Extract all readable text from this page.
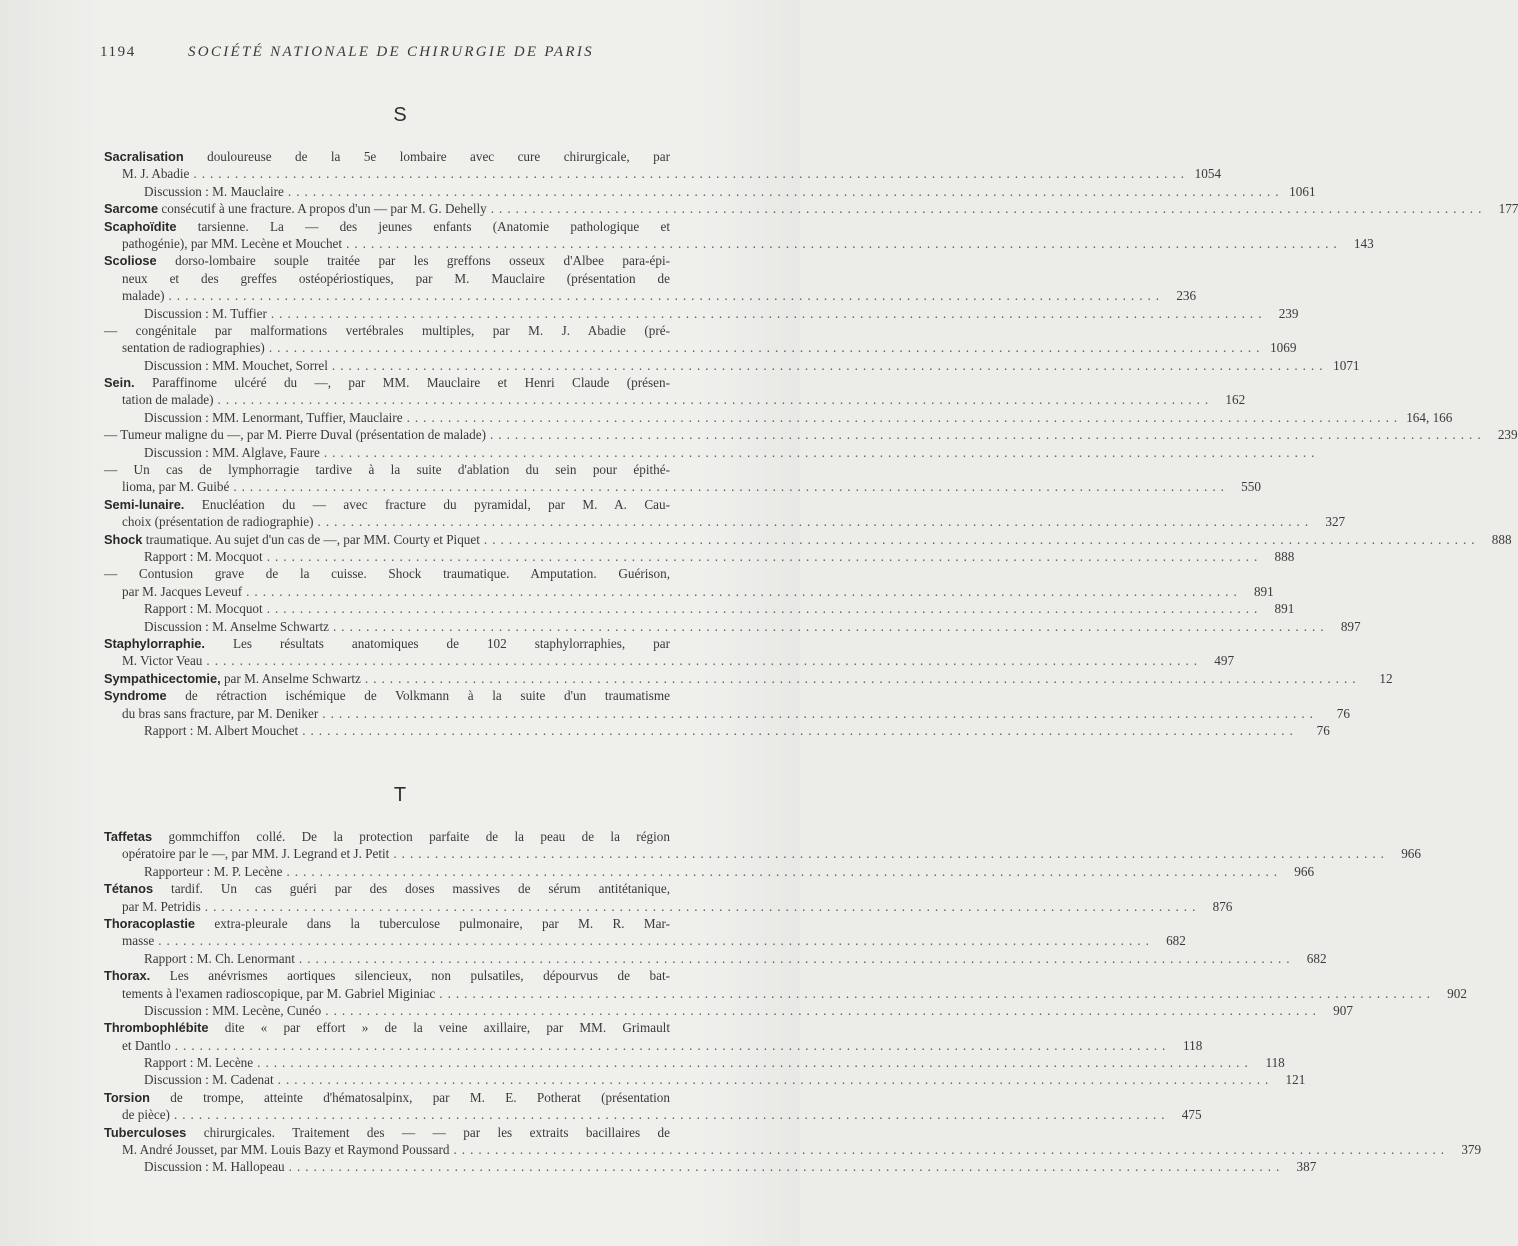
1194	SOCIÉTÉ NATIONALE DE CHIRURGIE DE PARIS
S
Sacralisation douloureuse de la 5e lombaire avec cure chirurgicale, par
M. J. Abadie ........................................................................................................................ 1054
Discussion : M. Mauclaire ........................................................................................................................ 1061
Sarcome consécutif à une fracture. A propos d'un — par M. G. Dehelly ........................................................................................................................ 177
Scaphoïdite tarsienne. La — des jeunes enfants (Anatomie pathologique et
pathogénie), par MM. Lecène et Mouchet ........................................................................................................................ 143
Scoliose dorso-lombaire souple traitée par les greffons osseux d'Albee para-épi-
neux et des greffes ostéopériostiques, par M. Mauclaire (présentation de
malade) ........................................................................................................................ 236
Discussion : M. Tuffier ........................................................................................................................ 239
— congénitale par malformations vertébrales multiples, par M. J. Abadie (pré-
sentation de radiographies) ........................................................................................................................ 1069
Discussion : MM. Mouchet, Sorrel ........................................................................................................................ 1071
Sein. Paraffinome ulcéré du —, par MM. Mauclaire et Henri Claude (présen-
tation de malade) ........................................................................................................................ 162
Discussion : MM. Lenormant, Tuffier, Mauclaire ........................................................................................................................ 164, 166
— Tumeur maligne du —, par M. Pierre Duval (présentation de malade) ........................................................................................................................ 239
Discussion : MM. Alglave, Faure ........................................................................................................................
— Un cas de lymphorragie tardive à la suite d'ablation du sein pour épithé-
lioma, par M. Guibé ........................................................................................................................ 550
Semi-lunaire. Enucléation du — avec fracture du pyramidal, par M. A. Cau-
choix (présentation de radiographie) ........................................................................................................................ 327
Shock traumatique. Au sujet d'un cas de —, par MM. Courty et Piquet ........................................................................................................................ 888
Rapport : M. Mocquot ........................................................................................................................ 888
— Contusion grave de la cuisse. Shock traumatique. Amputation. Guérison,
par M. Jacques Leveuf ........................................................................................................................ 891
Rapport : M. Mocquot ........................................................................................................................ 891
Discussion : M. Anselme Schwartz ........................................................................................................................ 897
Staphylorraphie. Les résultats anatomiques de 102 staphylorraphies, par
M. Victor Veau ........................................................................................................................ 497
Sympathicectomie, par M. Anselme Schwartz ........................................................................................................................	12
Syndrome de rétraction ischémique de Volkmann à la suite d'un traumatisme
du bras sans fracture, par M. Deniker ........................................................................................................................	76
Rapport : M. Albert Mouchet ........................................................................................................................	76
T
Taffetas gommchiffon collé. De la protection parfaite de la peau de la région
opératoire par le —, par MM. J. Legrand et J. Petit ........................................................................................................................ 966
Rapporteur : M. P. Lecène ........................................................................................................................ 966
Tétanos tardif. Un cas guéri par des doses massives de sérum antitétanique,
par M. Petridis ........................................................................................................................ 876
Thoracoplastie extra-pleurale dans la tuberculose pulmonaire, par M. R. Mar-
masse ........................................................................................................................ 682
Rapport : M. Ch. Lenormant ........................................................................................................................ 682
Thorax. Les anévrismes aortiques silencieux, non pulsatiles, dépourvus de bat-
tements à l'examen radioscopique, par M. Gabriel Miginiac ........................................................................................................................ 902
Discussion : MM. Lecène, Cunéo ........................................................................................................................ 907
Thrombophlébite dite « par effort » de la veine axillaire, par MM. Grimault
et Dantlo ........................................................................................................................ 118
Rapport : M. Lecène ........................................................................................................................ 118
Discussion : M. Cadenat ........................................................................................................................ 121
Torsion de trompe, atteinte d'hématosalpinx, par M. E. Potherat (présentation
de pièce) ........................................................................................................................ 475
Tuberculoses chirurgicales. Traitement des — — par les extraits bacillaires de
M. André Jousset, par MM. Louis Bazy et Raymond Poussard ........................................................................................................................ 379
Discussion : M. Hallopeau ........................................................................................................................ 387
